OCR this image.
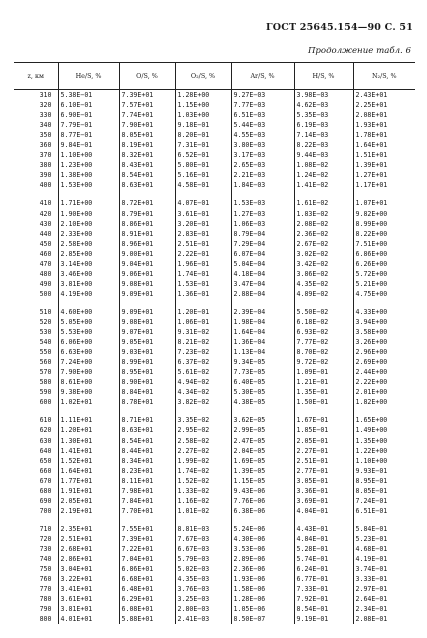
ГОСТ 25645.154—90 С. 51
Продолжение табл. 6
z, км	He/S, %	O/S, %	O₂/S, %	Ar/S, %	H/S, %	N₂/S, %
310	5.38E−01	7.39E+01	1.28E+00	9.27E−03	3.98E−03	2.43E+01
320	6.10E−01	7.57E+01	1.15E+00	7.77E−03	4.62E−03	2.25E+01
330	6.90E−01	7.74E+01	1.03E+00	6.51E−03	5.35E−03	2.08E+01
340	7.79E−01	7.90E+01	9.18E−01	5.44E−03	6.19E−03	1.93E+01
350	8.77E−01	8.05E+01	8.20E−01	4.55E−03	7.14E−03	1.78E+01
360	9.84E−01	8.19E+01	7.31E−01	3.80E−03	8.22E−03	1.64E+01
370	1.10E+00	8.32E+01	6.52E−01	3.17E−03	9.44E−03	1.51E+01
380	1.23E+00	8.43E+01	5.80E−01	2.65E−03	1.08E−02	1.39E+01
390	1.38E+00	8.54E+01	5.16E−01	2.21E−03	1.24E−02	1.27E+01
400	1.53E+00	8.63E+01	4.58E−01	1.84E−03	1.41E−02	1.17E+01

410	1.71E+00	8.72E+01	4.07E−01	1.53E−03	1.61E−02	1.07E+01
420	1.90E+00	8.79E+01	3.61E−01	1.27E−03	1.83E−02	9.82E+00
430	2.10E+00	8.86E+01	3.20E−01	1.06E−03	2.08E−02	8.99E+00
440	2.33E+00	8.91E+01	2.83E−01	8.79E−04	2.36E−02	8.22E+00
450	2.58E+00	8.96E+01	2.51E−01	7.29E−04	2.67E−02	7.51E+00
460	2.85E+00	9.00E+01	2.22E−01	6.07E−04	3.02E−02	6.86E+00
470	3.14E+00	9.04E+01	1.96E−01	5.04E−04	3.42E−02	6.26E+00
480	3.46E+00	9.06E+01	1.74E−01	4.18E−04	3.86E−02	5.72E+00
490	3.81E+00	9.08E+01	1.53E−01	3.47E−04	4.35E−02	5.21E+00
500	4.19E+00	9.09E+01	1.36E−01	2.88E−04	4.89E−02	4.75E+00

510	4.60E+00	9.09E+01	1.20E−01	2.39E−04	5.50E−02	4.33E+00
520	5.05E+00	9.08E+01	1.06E−01	1.98E−04	6.18E−02	3.94E+00
530	5.53E+00	9.07E+01	9.31E−02	1.64E−04	6.93E−02	3.58E+00
540	6.06E+00	9.05E+01	8.21E−02	1.36E−04	7.77E−02	3.26E+00
550	6.63E+00	9.03E+01	7.23E−02	1.13E−04	8.70E−02	2.96E+00
560	7.24E+00	8.99E+01	6.37E−02	9.34E−05	9.72E−02	2.69E+00
570	7.90E+00	8.95E+01	5.61E−02	7.73E−05	1.09E−01	2.44E+00
580	8.61E+00	8.90E+01	4.94E−02	6.40E−05	1.21E−01	2.22E+00
590	9.38E+00	8.84E+01	4.34E−02	5.30E−05	1.35E−01	2.01E+00
600	1.02E+01	8.78E+01	3.82E−02	4.38E−05	1.50E−01	1.82E+00

610	1.11E+01	8.71E+01	3.35E−02	3.62E−05	1.67E−01	1.65E+00
620	1.20E+01	8.63E+01	2.95E−02	2.99E−05	1.85E−01	1.49E+00
630	1.30E+01	8.54E+01	2.58E−02	2.47E−05	2.05E−01	1.35E+00
640	1.41E+01	8.44E+01	2.27E−02	2.04E−05	2.27E−01	1.22E+00
650	1.52E+01	8.34E+01	1.99E−02	1.69E−05	2.51E−01	1.10E+00
660	1.64E+01	8.23E+01	1.74E−02	1.39E−05	2.77E−01	9.93E−01
670	1.77E+01	8.11E+01	1.52E−02	1.15E−05	3.05E−01	8.95E−01
680	1.91E+01	7.98E+01	1.33E−02	9.43E−06	3.36E−01	8.05E−01
690	2.05E+01	7.84E+01	1.16E−02	7.76E−06	3.69E−01	7.24E−01
700	2.19E+01	7.70E+01	1.01E−02	6.38E−06	4.04E−01	6.51E−01

710	2.35E+01	7.55E+01	8.81E−03	5.24E−06	4.43E−01	5.84E−01
720	2.51E+01	7.39E+01	7.67E−03	4.30E−06	4.84E−01	5.23E−01
730	2.68E+01	7.22E+01	6.67E−03	3.53E−06	5.28E−01	4.68E−01
740	2.86E+01	7.04E+01	5.79E−03	2.89E−06	5.74E−01	4.19E−01
750	3.04E+01	6.86E+01	5.02E−03	2.36E−06	6.24E−01	3.74E−01
760	3.22E+01	6.68E+01	4.35E−03	1.93E−06	6.77E−01	3.33E−01
770	3.41E+01	6.48E+01	3.76E−03	1.58E−06	7.33E−01	2.97E−01
780	3.61E+01	6.29E+01	3.25E−03	1.28E−06	7.92E−01	2.64E−01
790	3.81E+01	6.08E+01	2.80E−03	1.05E−06	8.54E−01	2.34E−01
800	4.01E+01	5.88E+01	2.41E−03	8.50E−07	9.19E−01	2.08E−01
